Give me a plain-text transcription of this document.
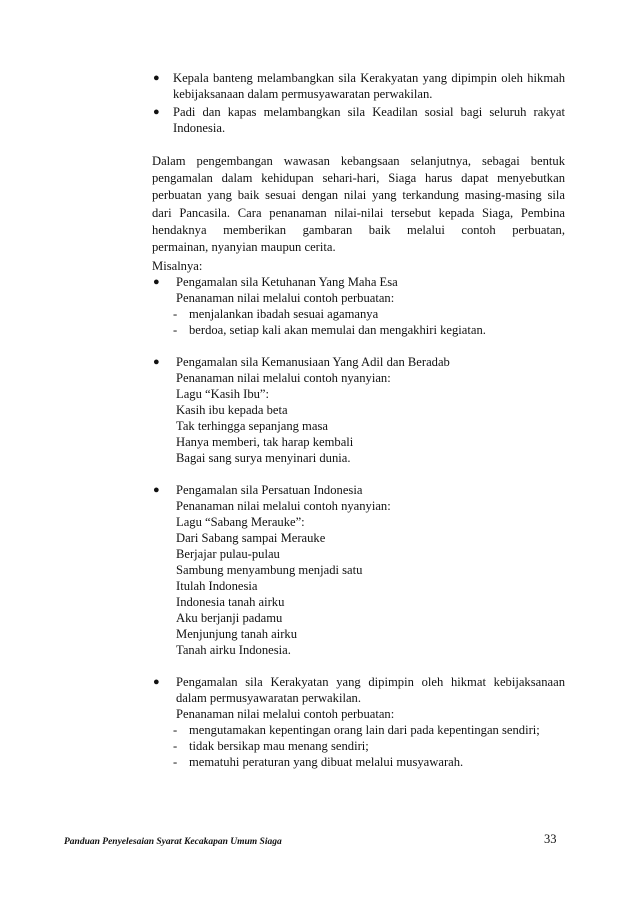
● Kepala banteng melambangkan sila Kerakyatan yang dipimpin oleh hikmah kebijaksanaan dalam permusyawaratan perwakilan.
● Padi dan kapas melambangkan sila Keadilan sosial bagi seluruh rakyat Indonesia.

Dalam pengembangan wawasan kebangsaan selanjutnya, sebagai bentuk
pengamalan dalam kehidupan sehari-hari, Siaga harus dapat menyebutkan
perbuatan yang baik sesuai dengan nilai yang terkandung masing-masing sila
dari Pancasila. Cara penanaman nilai-nilai tersebut kepada Siaga, Pembina
hendaknya memberikan gambaran baik melalui contoh perbuatan,
permainan, nyanyian maupun cerita.

Misalnya:
● Pengamalan sila Ketuhanan Yang Maha Esa
Penanaman nilai melalui contoh perbuatan:
- menjalankan ibadah sesuai agamanya
- berdoa, setiap kali akan memulai dan mengakhiri kegiatan.
● Pengamalan sila Kemanusiaan Yang Adil dan Beradab
Penanaman nilai melalui contoh nyanyian:
Lagu “Kasih Ibu”:
Kasih ibu kepada beta
Tak terhingga sepanjang masa
Hanya memberi, tak harap kembali
Bagai sang surya menyinari dunia.
● Pengamalan sila Persatuan Indonesia
Penanaman nilai melalui contoh nyanyian:
Lagu “Sabang Merauke”:
Dari Sabang sampai Merauke
Berjajar pulau-pulau
Sambung menyambung menjadi satu
Itulah Indonesia
Indonesia tanah airku
Aku berjanji padamu
Menjunjung tanah airku
Tanah airku Indonesia.
● Pengamalan sila Kerakyatan yang dipimpin oleh hikmat kebijaksanaan
dalam permusyawaratan perwakilan.
Penanaman nilai melalui contoh perbuatan:
- mengutamakan kepentingan orang lain dari pada kepentingan sendiri;
- tidak bersikap mau menang sendiri;
- mematuhi peraturan yang dibuat melalui musyawarah.
Panduan Penyelesaian Syarat Kecakapan Umum Siaga	33
